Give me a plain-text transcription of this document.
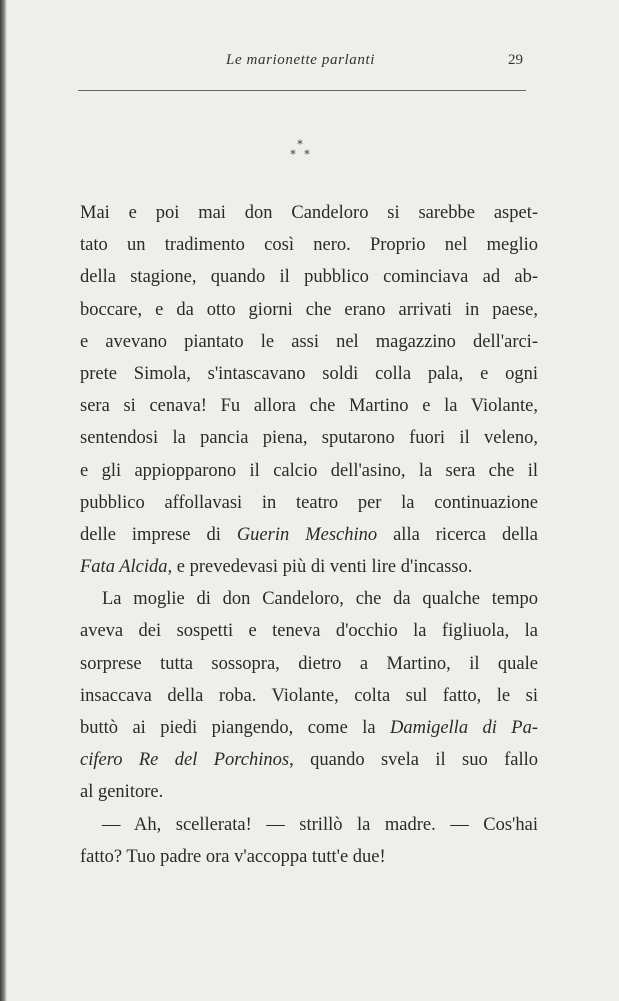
Le marionette parlanti	29
*
* *
Mai e poi mai don Candeloro si sarebbe aspet-
tato un tradimento così nero. Proprio nel meglio
della stagione, quando il pubblico cominciava ad ab-
boccare, e da otto giorni che erano arrivati in paese,
e avevano piantato le assi nel magazzino dell'arci-
prete Simola, s'intascavano soldi colla pala, e ogni
sera si cenava! Fu allora che Martino e la Violante,
sentendosi la pancia piena, sputarono fuori il veleno,
e gli appiopparono il calcio dell'asino, la sera che il
pubblico affollavasi in teatro per la continuazione
delle imprese di Guerin Meschino alla ricerca della
Fata Alcida, e prevedevasi più di venti lire d'incasso.
La moglie di don Candeloro, che da qualche tempo
aveva dei sospetti e teneva d'occhio la figliuola, la
sorprese tutta sossopra, dietro a Martino, il quale
insaccava della roba. Violante, colta sul fatto, le si
buttò ai piedi piangendo, come la Damigella di Pa-
cifero Re del Porchinos, quando svela il suo fallo
al genitore.
— Ah, scellerata! — strillò la madre. — Cos'hai
fatto? Tuo padre ora v'accoppa tutt'e due!
